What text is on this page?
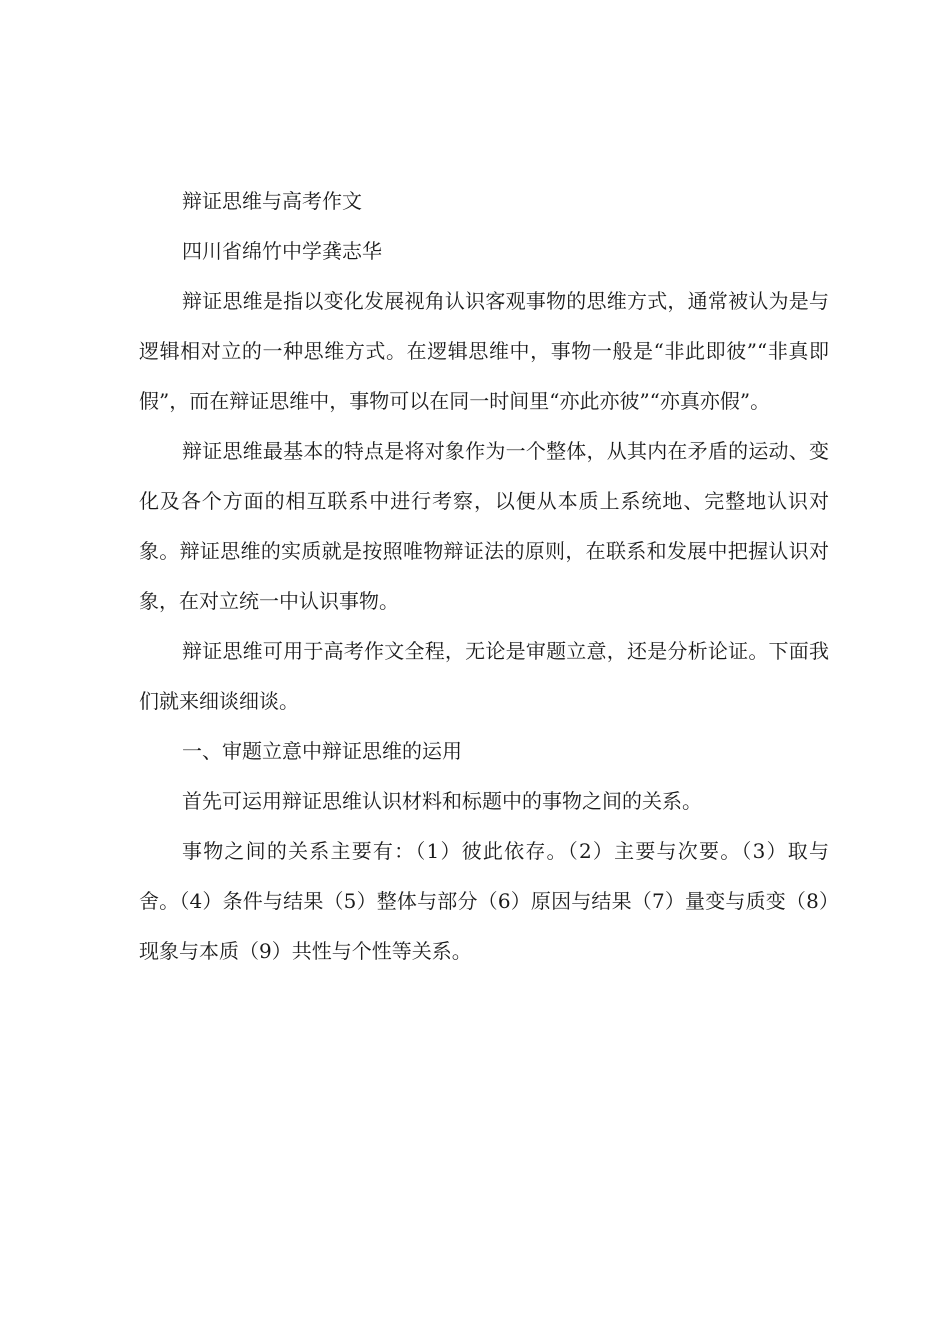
辩证思维与高考作文

四川省绵竹中学龚志华

辩证思维是指以变化发展视角认识客观事物的思维方式，通常被认为是与逻辑相对立的一种思维方式。在逻辑思维中，事物一般是“非此即彼”“非真即假”，而在辩证思维中，事物可以在同一时间里“亦此亦彼”“亦真亦假”。

辩证思维最基本的特点是将对象作为一个整体，从其内在矛盾的运动、变化及各个方面的相互联系中进行考察，以便从本质上系统地、完整地认识对象。辩证思维的实质就是按照唯物辩证法的原则，在联系和发展中把握认识对象，在对立统一中认识事物。

辩证思维可用于高考作文全程，无论是审题立意，还是分析论证。下面我们就来细谈细谈。

一、审题立意中辩证思维的运用

首先可运用辩证思维认识材料和标题中的事物之间的关系。

事物之间的关系主要有：（1）彼此依存。（2）主要与次要。（3）取与舍。（4）条件与结果（5）整体与部分（6）原因与结果（7）量变与质变（8）现象与本质（9）共性与个性等关系。
